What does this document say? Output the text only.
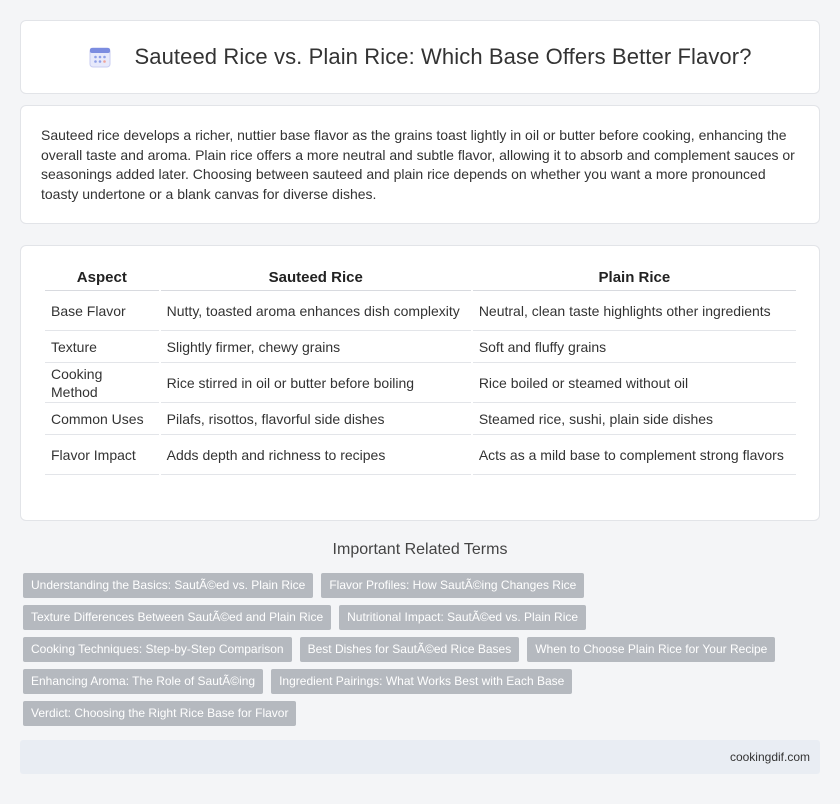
Sauteed Rice vs. Plain Rice: Which Base Offers Better Flavor?

Sauteed rice develops a richer, nuttier base flavor as the grains toast lightly in oil or butter before cooking, enhancing the overall taste and aroma. Plain rice offers a more neutral and subtle flavor, allowing it to absorb and complement sauces or seasonings added later. Choosing between sauteed and plain rice depends on whether you want a more pronounced toasty undertone or a blank canvas for diverse dishes.

Aspect	Sauteed Rice	Plain Rice
Base Flavor	Nutty, toasted aroma enhances dish complexity	Neutral, clean taste highlights other ingredients
Texture	Slightly firmer, chewy grains	Soft and fluffy grains
Cooking Method	Rice stirred in oil or butter before boiling	Rice boiled or steamed without oil
Common Uses	Pilafs, risottos, flavorful side dishes	Steamed rice, sushi, plain side dishes
Flavor Impact	Adds depth and richness to recipes	Acts as a mild base to complement strong flavors
Important Related Terms
Understanding the Basics: SautÃ©ed vs. Plain Rice	Flavor Profiles: How SautÃ©ing Changes Rice
Texture Differences Between SautÃ©ed and Plain Rice	Nutritional Impact: SautÃ©ed vs. Plain Rice
Cooking Techniques: Step-by-Step Comparison	Best Dishes for SautÃ©ed Rice Bases	When to Choose Plain Rice for Your Recipe
Enhancing Aroma: The Role of SautÃ©ing	Ingredient Pairings: What Works Best with Each Base
Verdict: Choosing the Right Rice Base for Flavor
cookingdif.com
